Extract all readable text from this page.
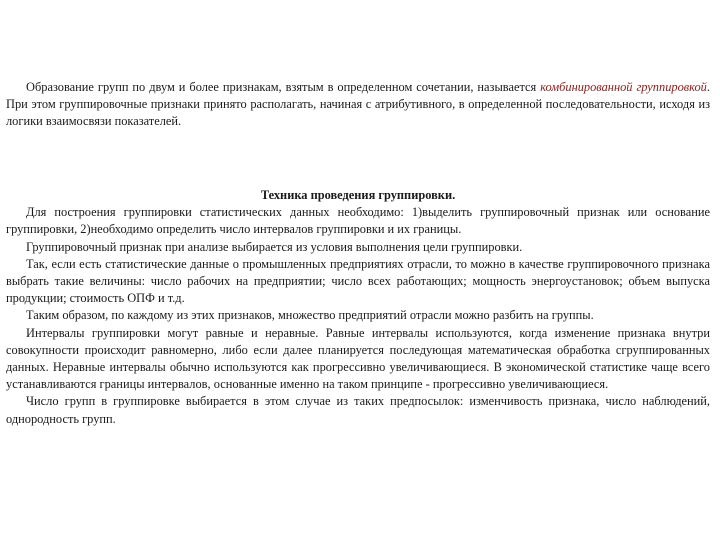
Образование групп по двум и более признакам, взятым в определенном сочетании, называется комбинированной группировкой. При этом группировочные признаки принято располагать, начиная с атрибутивного, в определенной последовательности, исходя из логики взаимосвязи показателей.

Техника проведения группировки.

Для построения группировки статистических данных необходимо: 1)выделить группировочный признак или основание группировки, 2)необходимо определить число интервалов группировки и их границы.

Группировочный признак при анализе выбирается из условия выполнения цели группировки.

Так, если есть статистические данные о промышленных предприятиях отрасли, то можно в качестве группировочного признака выбрать такие величины: число рабочих на предприятии; число всех работающих; мощность энергоустановок; объем выпуска продукции; стоимость ОПФ и т.д.

Таким образом, по каждому из этих признаков, множество предприятий отрасли можно разбить на группы.

Интервалы группировки могут равные и неравные. Равные интервалы используются, когда изменение признака внутри совокупности происходит равномерно, либо если далее планируется последующая математическая обработка сгруппированных данных. Неравные интервалы обычно используются как прогрессивно увеличивающиеся. В экономической статистике чаще всего устанавливаются границы интервалов, основанные именно на таком принципе - прогрессивно увеличивающиеся.

Число групп в группировке выбирается в этом случае из таких предпосылок: изменчивость признака, число наблюдений, однородность групп.
